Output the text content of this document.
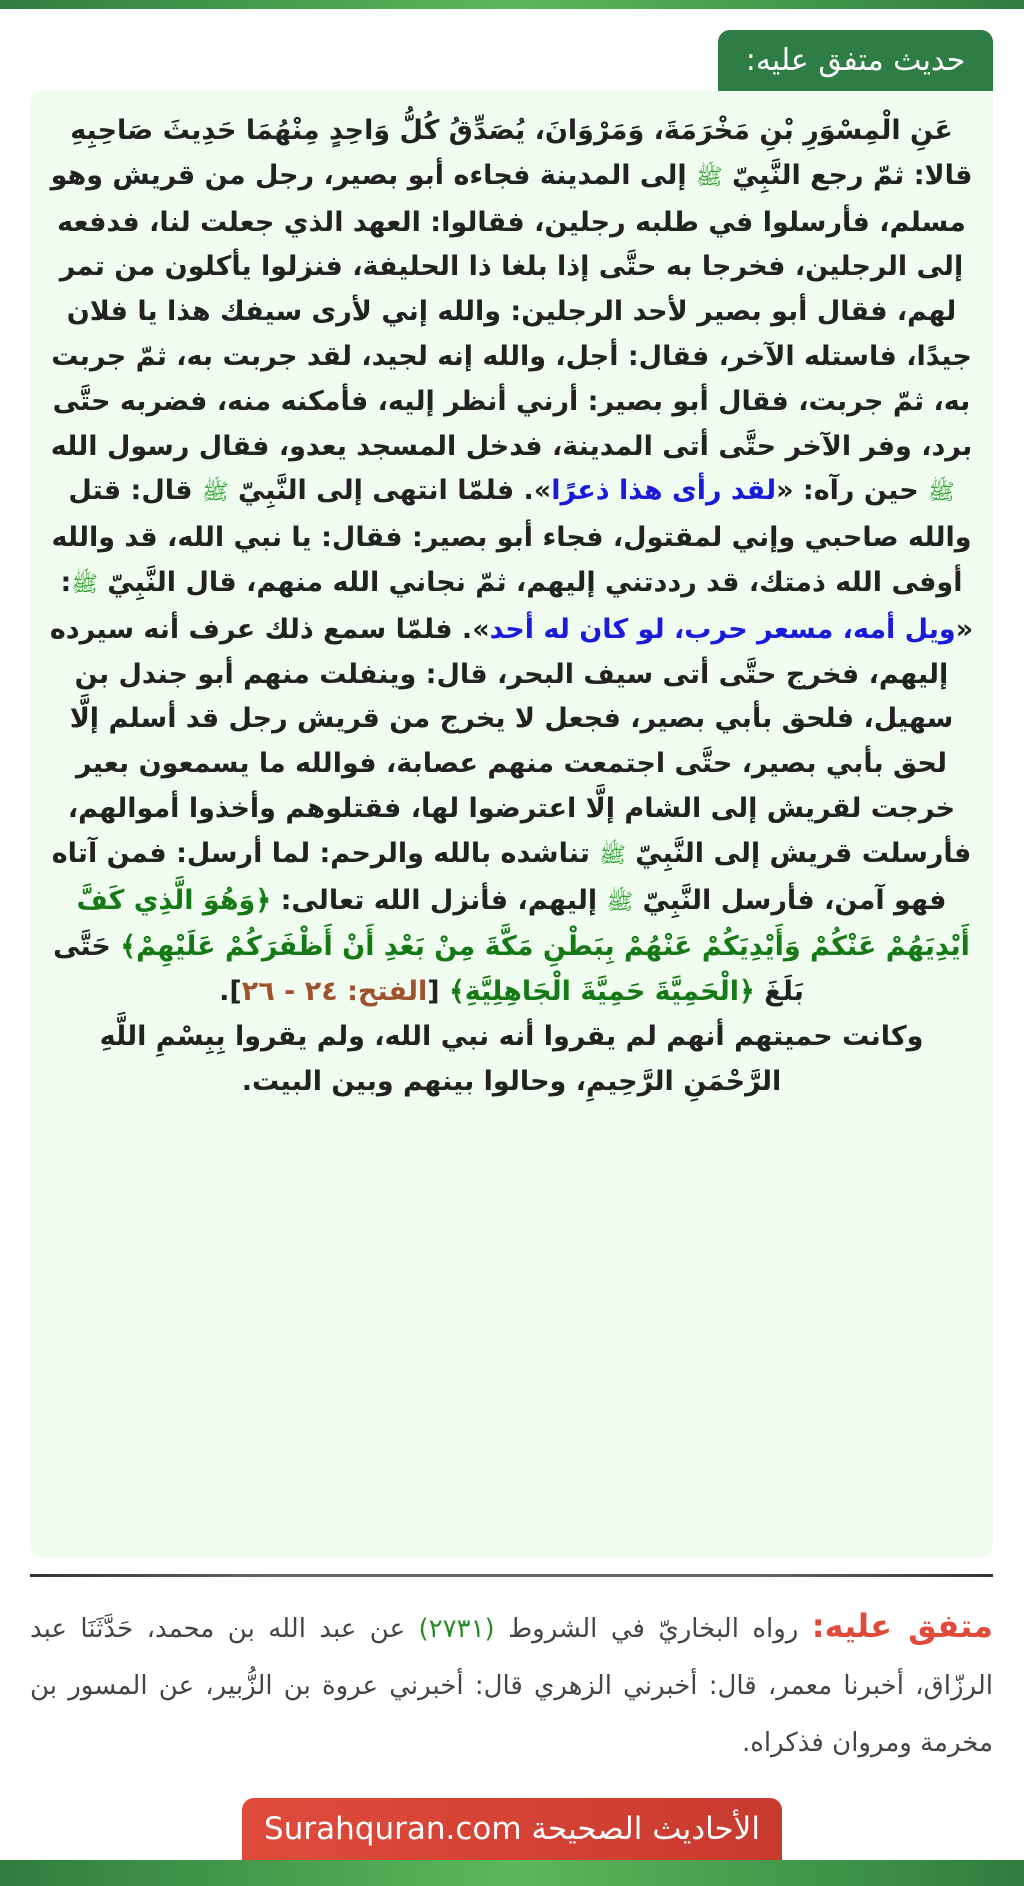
حديث متفق عليه:

عَنِ الْمِسْوَرِ بْنِ مَخْرَمَةَ، وَمَرْوَانَ، يُصَدِّقُ كُلُّ وَاحِدٍ مِنْهُمَا حَدِيثَ صَاحِبِهِ قالا: ثمّ رجع النَّبِيّ ﷺ إلى المدينة فجاءه أبو بصير، رجل من قريش وهو مسلم، فأرسلوا في طلبه رجلين، فقالوا: العهد الذي جعلت لنا، فدفعه إلى الرجلين، فخرجا به حتَّى إذا بلغا ذا الحليفة، فنزلوا يأكلون من تمر لهم، فقال أبو بصير لأحد الرجلين: والله إني لأرى سيفك هذا يا فلان جيدًا، فاستله الآخر، فقال: أجل، والله إنه لجيد، لقد جربت به، ثمّ جربت به، ثمّ جربت، فقال أبو بصير: أرني أنظر إليه، فأمكنه منه، فضربه حتَّى برد، وفر الآخر حتَّى أتى المدينة، فدخل المسجد يعدو، فقال رسول الله ﷺ حين رآه: «لقد رأى هذا ذعرًا». فلمّا انتهى إلى النَّبِيّ ﷺ قال: قتل والله صاحبي وإني لمقتول، فجاء أبو بصير: فقال: يا نبي الله، قد والله أوفى الله ذمتك، قد رددتني إليهم، ثمّ نجاني الله منهم، قال النَّبِيّ ﷺ: «ويل أمه، مسعر حرب، لو كان له أحد». فلمّا سمع ذلك عرف أنه سيرده إليهم، فخرج حتَّى أتى سيف البحر، قال: وينفلت منهم أبو جندل بن سهيل، فلحق بأبي بصير، فجعل لا يخرج من قريش رجل قد أسلم إلَّا لحق بأبي بصير، حتَّى اجتمعت منهم عصابة، فوالله ما يسمعون بعير خرجت لقريش إلى الشام إلَّا اعترضوا لها، فقتلوهم وأخذوا أموالهم، فأرسلت قريش إلى النَّبِيّ ﷺ تناشده بالله والرحم: لما أرسل: فمن آتاه فهو آمن، فأرسل النَّبِيّ ﷺ إليهم، فأنزل الله تعالى: ﴿وَهُوَ الَّذِي كَفَّ أَيْدِيَهُمْ عَنْكُمْ وَأَيْدِيَكُمْ عَنْهُمْ بِبَطْنِ مَكَّةَ مِنْ بَعْدِ أَنْ أَظْفَرَكُمْ عَلَيْهِمْ﴾ حَتَّى بَلَغَ ﴿الْحَمِيَّةَ حَمِيَّةَ الْجَاهِلِيَّةِ﴾ [الفتح: ٢٤ - ٢٦].
وكانت حميتهم أنهم لم يقروا أنه نبي الله، ولم يقروا بِبِسْمِ اللَّهِ الرَّحْمَنِ الرَّحِيمِ، وحالوا بينهم وبين البيت.

متفق عليه: رواه البخاريّ في الشروط (٢٧٣١) عن عبد الله بن محمد، حَدَّثَنَا عبد الرزّاق، أخبرنا معمر، قال: أخبرني الزهري قال: أخبرني عروة بن الزُّبير، عن المسور بن مخرمة ومروان فذكراه.

الأحاديث الصحيحة Surahquran.com
